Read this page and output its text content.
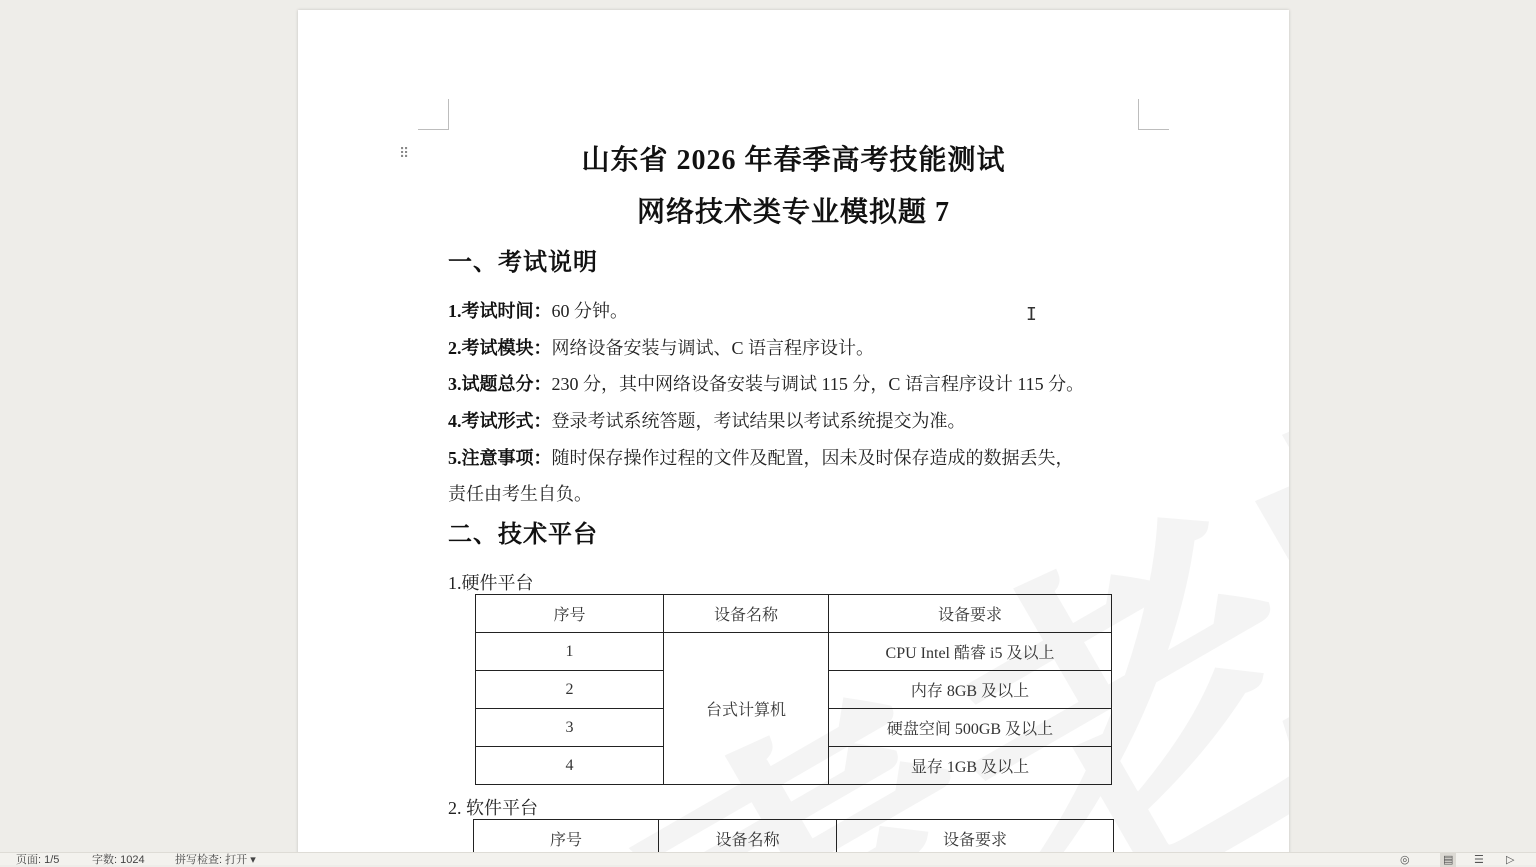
⠿	山东省 2026 年春季高考技能测试
网络技术类专业模拟题 7
一、考试说明
1.考试时间：60 分钟。
2.考试模块：网络设备安装与调试、C 语言程序设计。
3.试题总分：230 分，其中网络设备安装与调试 115 分，C 语言程序设计 115 分。
4.考试形式：登录考试系统答题，考试结果以考试系统提交为准。
5.注意事项：随时保存操作过程的文件及配置，因未及时保存造成的数据丢失，
责任由考生自负。
二、技术平台
1.硬件平台
序号	设备名称	设备要求
1	台式计算机	CPU Intel 酷睿 i5 及以上
2		内存 8GB 及以上
3		硬盘空间 500GB 及以上
4		显存 1GB 及以上
2. 软件平台
序号	设备名称	设备要求
I
页面: 1/5	字数: 1024	拼写检查: 打开 ▾	◎	▤ ☰ ▷
